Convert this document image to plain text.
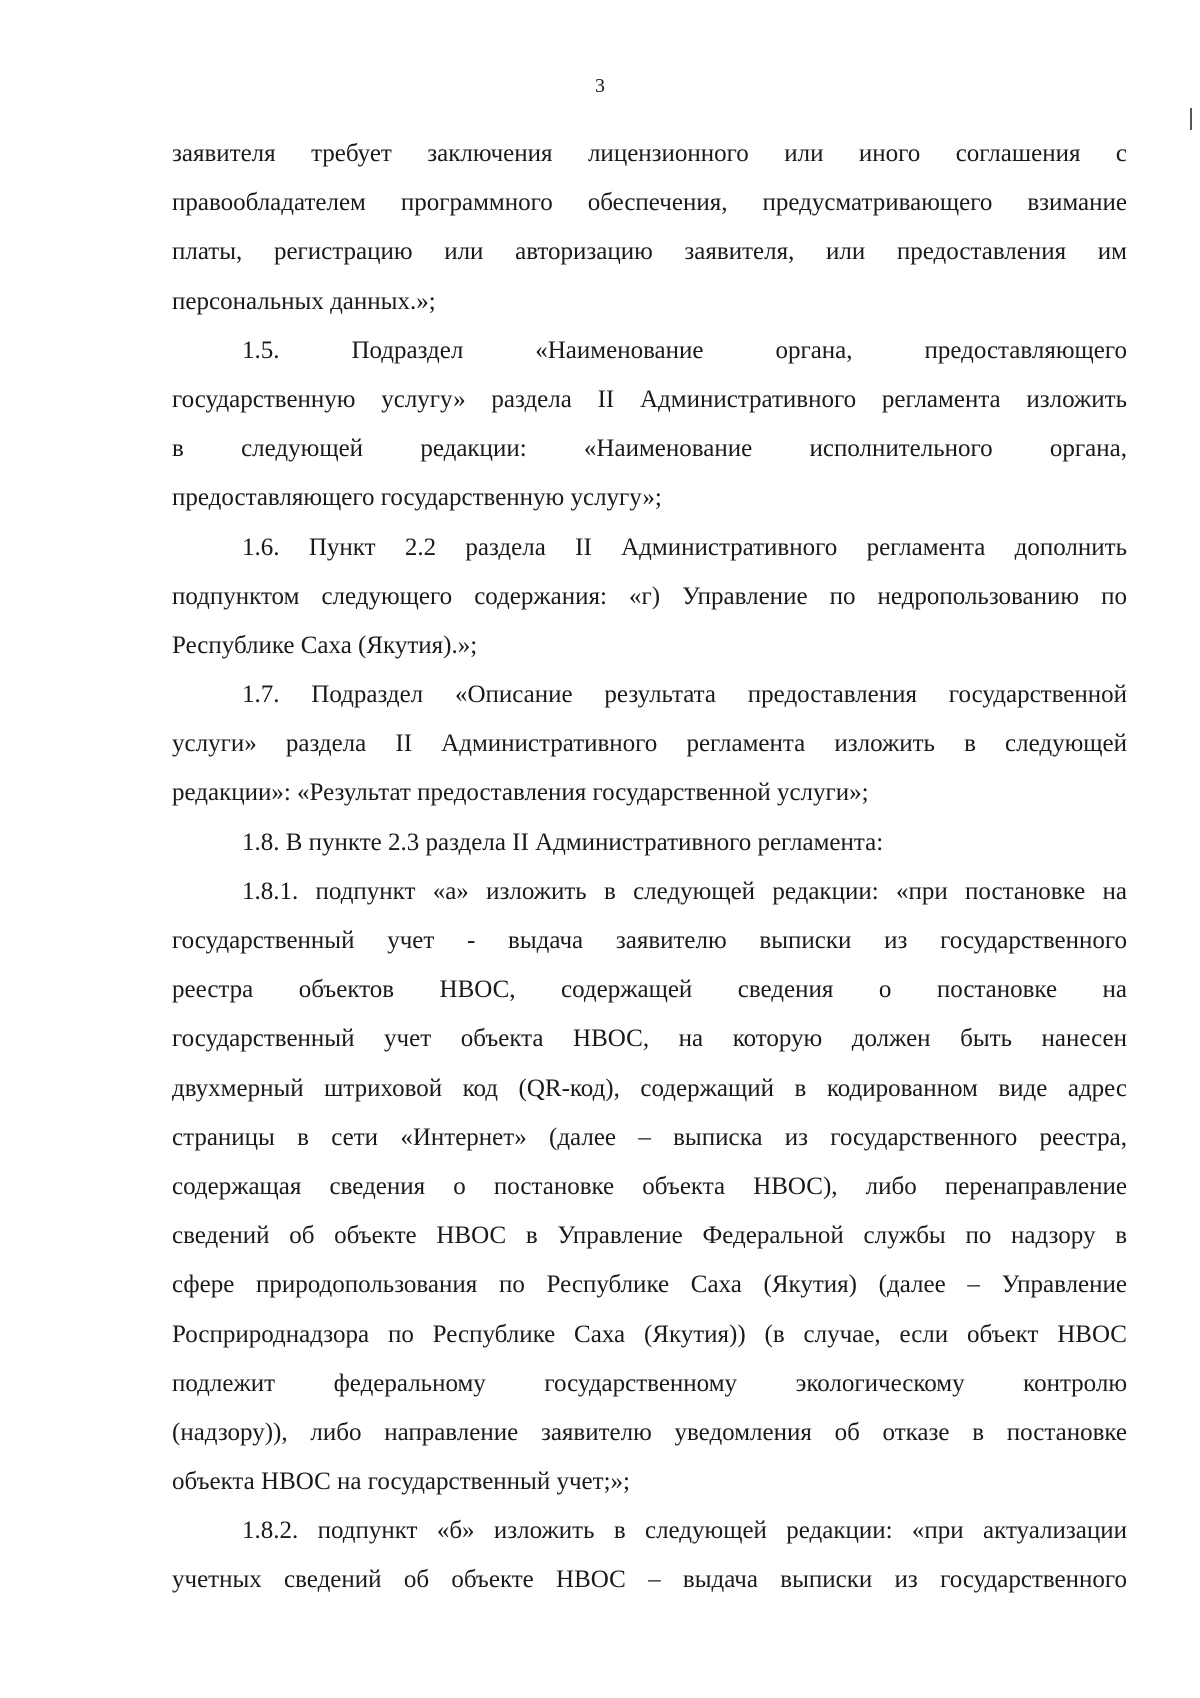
3
заявителя требует заключения лицензионного или иного соглашения с
правообладателем программного обеспечения, предусматривающего взимание
платы, регистрацию или авторизацию заявителя, или предоставления им
персональных данных.»;
1.5. Подраздел «Наименование органа, предоставляющего
государственную услугу» раздела II Административного регламента изложить
в следующей редакции: «Наименование исполнительного органа,
предоставляющего государственную услугу»;
1.6. Пункт 2.2 раздела II Административного регламента дополнить
подпунктом следующего содержания: «г) Управление по недропользованию по
Республике Саха (Якутия).»;
1.7. Подраздел «Описание результата предоставления государственной
услуги» раздела II Административного регламента изложить в следующей
редакции»: «Результат предоставления государственной услуги»;
1.8. В пункте 2.3 раздела II Административного регламента:
1.8.1. подпункт «а» изложить в следующей редакции: «при постановке на
государственный учет - выдача заявителю выписки из государственного
реестра объектов НВОС, содержащей сведения о постановке на
государственный учет объекта НВОС, на которую должен быть нанесен
двухмерный штриховой код (QR-код), содержащий в кодированном виде адрес
страницы в сети «Интернет» (далее – выписка из государственного реестра,
содержащая сведения о постановке объекта НВОС), либо перенаправление
сведений об объекте НВОС в Управление Федеральной службы по надзору в
сфере природопользования по Республике Саха (Якутия) (далее – Управление
Росприроднадзора по Республике Саха (Якутия)) (в случае, если объект НВОС
подлежит федеральному государственному экологическому контролю
(надзору)), либо направление заявителю уведомления об отказе в постановке
объекта НВОС на государственный учет;»;
1.8.2. подпункт «б» изложить в следующей редакции: «при актуализации
учетных сведений об объекте НВОС – выдача выписки из государственного
